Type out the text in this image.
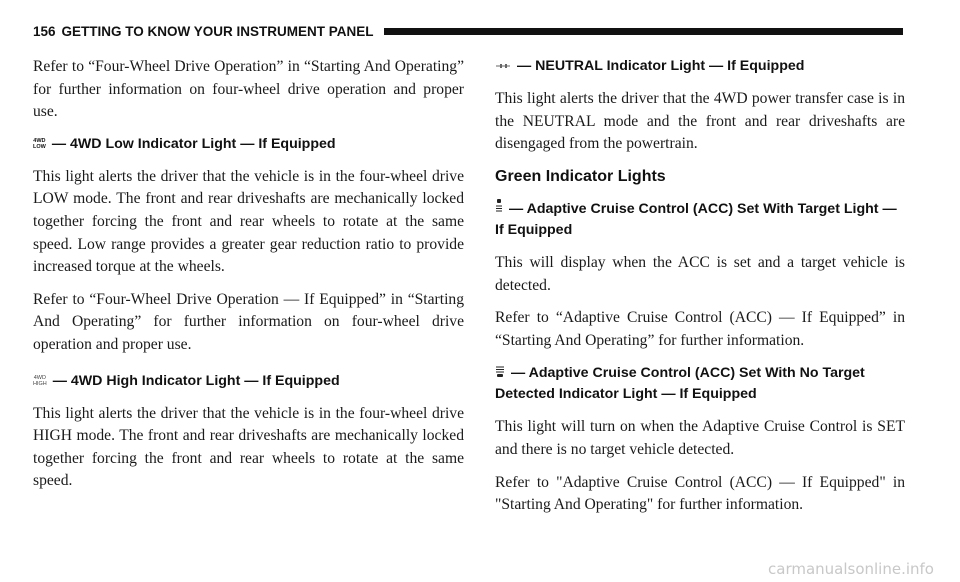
156 GETTING TO KNOW YOUR INSTRUMENT PANEL

Refer to “Four-Wheel Drive Operation” in “Starting And Operating” for further information on four-wheel drive operation and proper use.

4WD
LOW — 4WD Low Indicator Light — If Equipped

This light alerts the driver that the vehicle is in the four-wheel drive LOW mode. The front and rear driveshafts are mechanically locked together forcing the front and rear wheels to rotate at the same speed. Low range provides a greater gear reduction ratio to provide increased torque at the wheels.

Refer to “Four-Wheel Drive Operation — If Equipped” in “Starting And Operating” for further information on four-wheel drive operation and proper use.

4WD
HIGH — 4WD High Indicator Light — If Equipped

This light alerts the driver that the vehicle is in the four-wheel drive HIGH mode. The front and rear driveshafts are mechanically locked together forcing the front and rear wheels to rotate at the same speed.

— NEUTRAL Indicator Light — If Equipped

This light alerts the driver that the 4WD power transfer case is in the NEUTRAL mode and the front and rear driveshafts are disengaged from the powertrain.

Green Indicator Lights
— Adaptive Cruise Control (ACC) Set With Target Light — If Equipped

This will display when the ACC is set and a target vehicle is detected.

Refer to “Adaptive Cruise Control (ACC) — If Equipped” in “Starting And Operating” for further information.

— Adaptive Cruise Control (ACC) Set With No Target Detected Indicator Light — If Equipped

This light will turn on when the Adaptive Cruise Control is SET and there is no target vehicle detected.

Refer to "Adaptive Cruise Control (ACC) — If Equipped" in "Starting And Operating" for further information.

carmanualsonline.info
